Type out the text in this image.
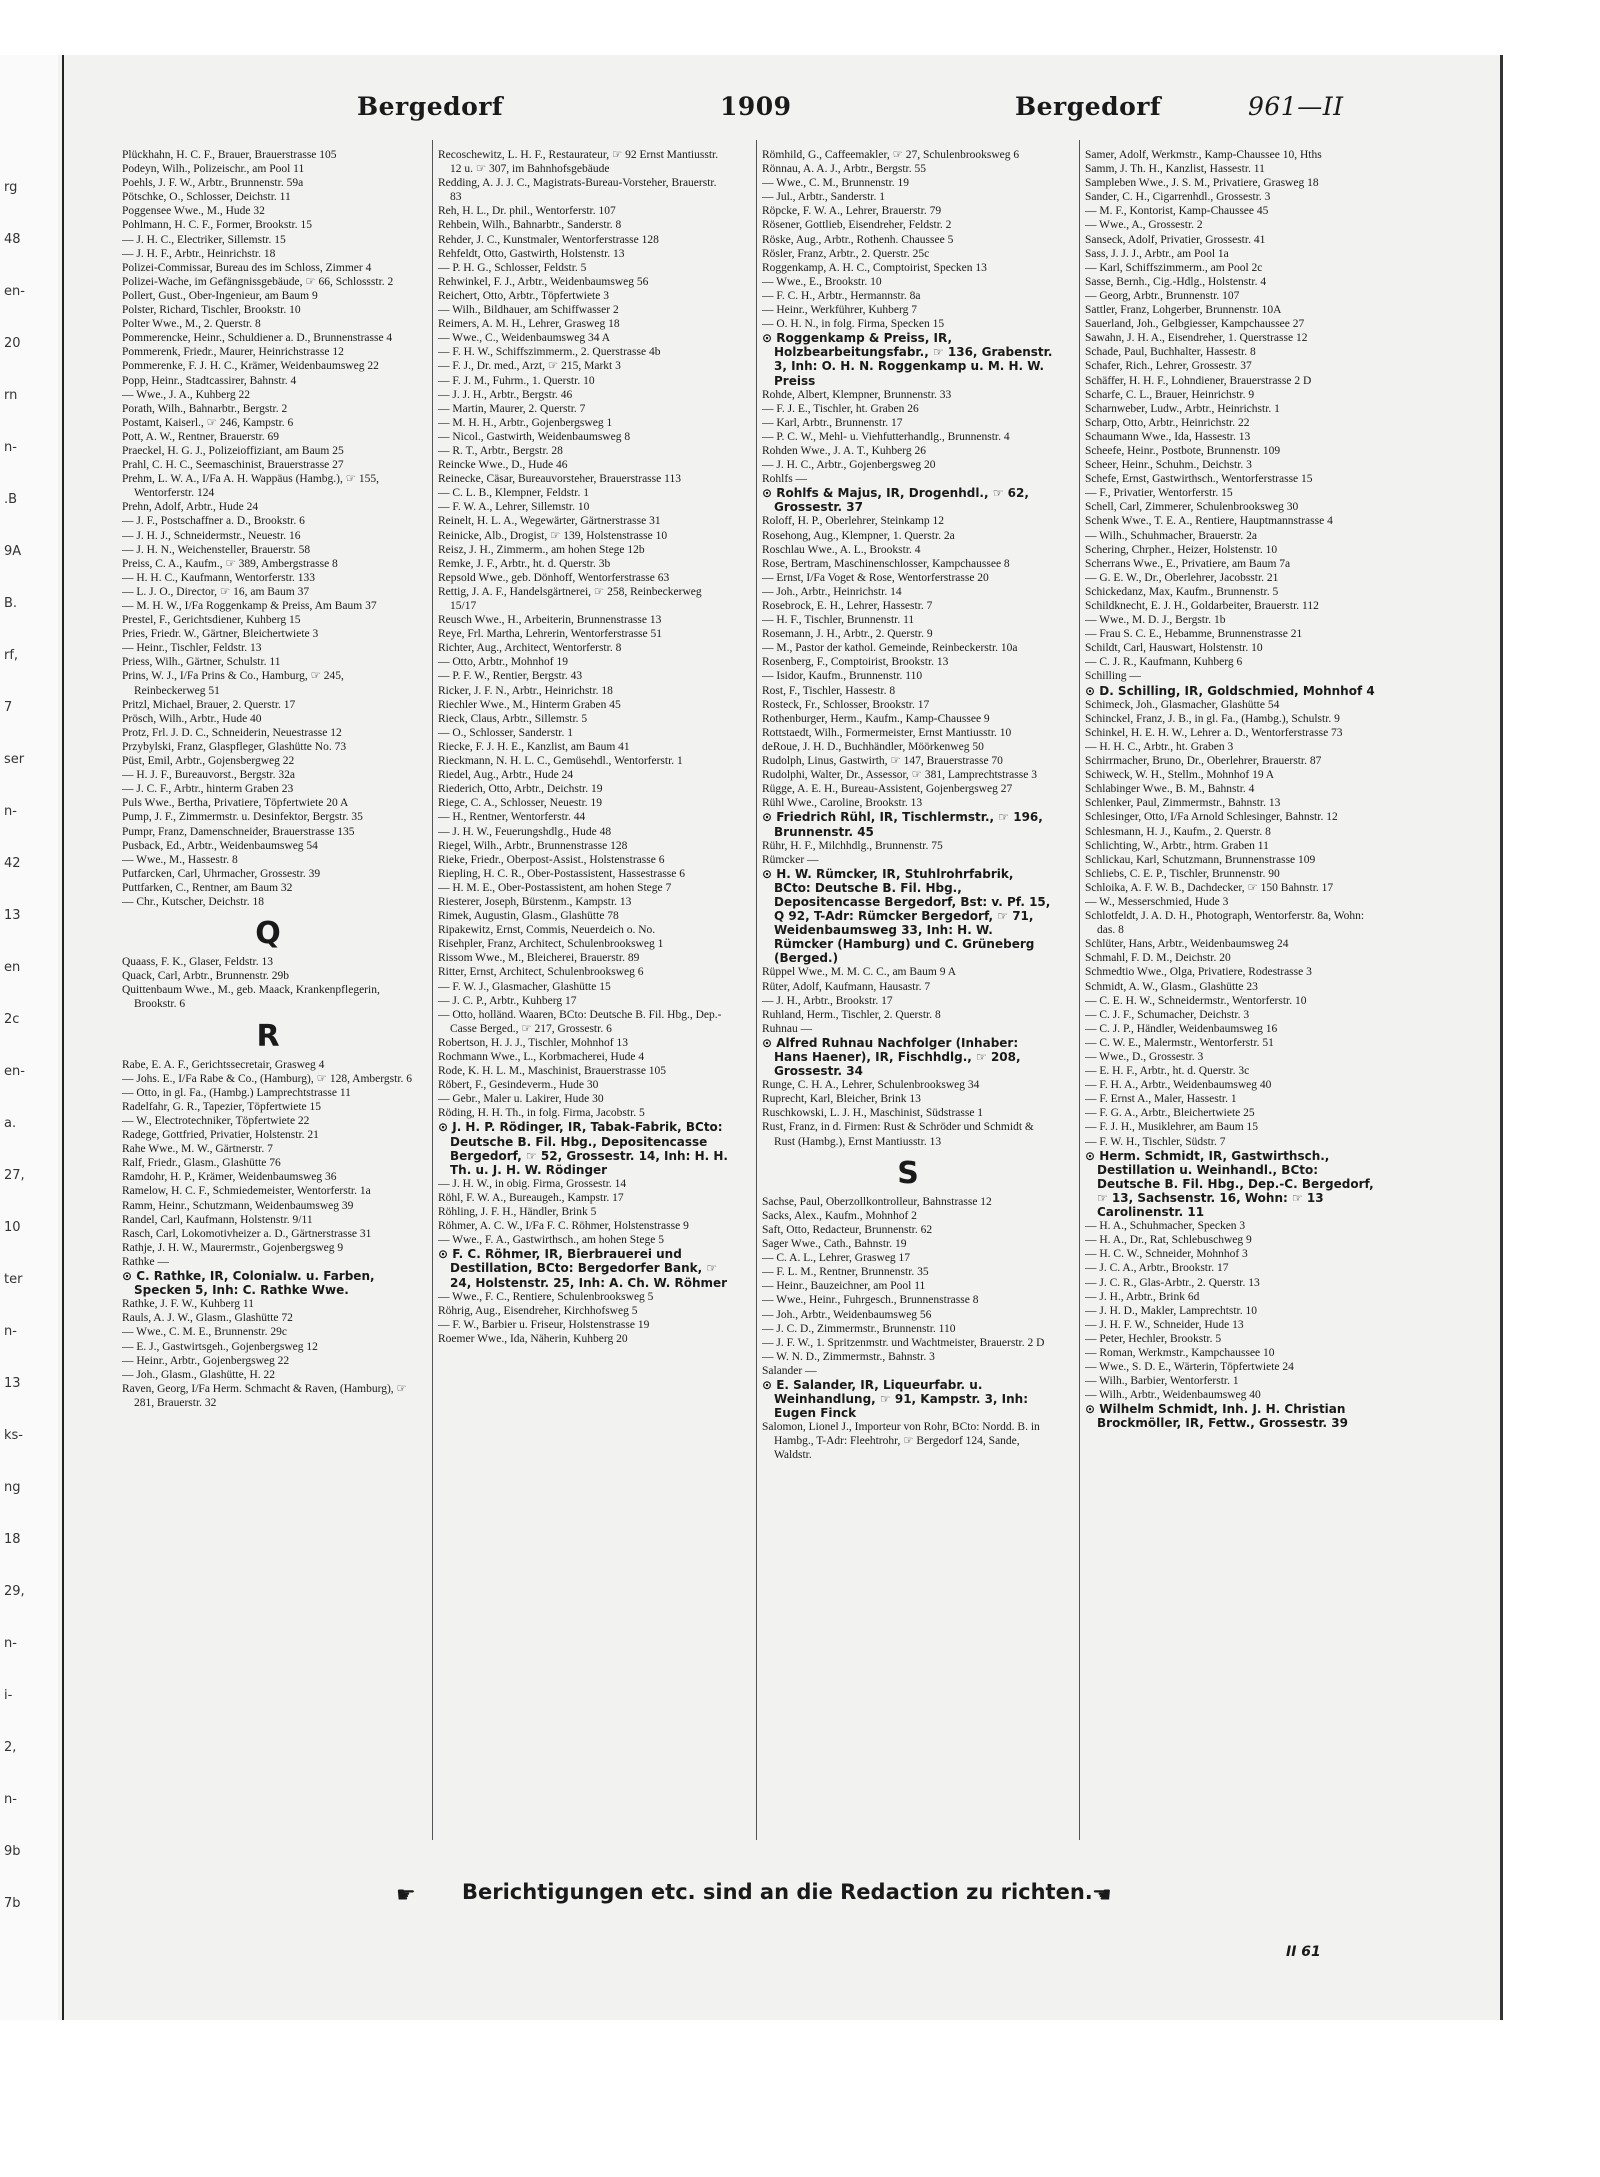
rg
48
en-
20
rn
n-
.B
9A
B.
rf,
7
ser
n-
42
13
en
2c
en-
a.
27,
10
ter
n-
13
ks-
ng
18
29,
n-
i-
2,
n-
9b
7b
Bergedorf	1909	Bergedorf	961—II

Plückhahn, H. C. F., Brauer, Brauerstrasse 105

Podeyn, Wilh., Polizeischr., am Pool 11

Poehls, J. F. W., Arbtr., Brunnenstr. 59a

Pötschke, O., Schlosser, Deichstr. 11

Poggensee Wwe., M., Hude 32

Pohlmann, H. C. F., Former, Brookstr. 15

— J. H. C., Electriker, Sillemstr. 15

— J. H. F., Arbtr., Heinrichstr. 18

Polizei-Commissar, Bureau des im Schloss, Zimmer 4

Polizei-Wache, im Gefängnissgebäude, ☞ 66, Schlossstr. 2

Pollert, Gust., Ober-Ingenieur, am Baum 9

Polster, Richard, Tischler, Brookstr. 10

Polter Wwe., M., 2. Querstr. 8

Pommerencke, Heinr., Schuldiener a. D., Brunnenstrasse 4

Pommerenk, Friedr., Maurer, Heinrichstrasse 12

Pommerenke, F. J. H. C., Krämer, Weidenbaumsweg 22

Popp, Heinr., Stadtcassirer, Bahnstr. 4

— Wwe., J. A., Kuhberg 22

Porath, Wilh., Bahnarbtr., Bergstr. 2

Postamt, Kaiserl., ☞ 246, Kampstr. 6

Pott, A. W., Rentner, Brauerstr. 69

Praeckel, H. G. J., Polizeioffiziant, am Baum 25

Prahl, C. H. C., Seemaschinist, Brauerstrasse 27

Prehm, L. W. A., I/Fa A. H. Wappäus (Hambg.), ☞ 155, Wentorferstr. 124

Prehn, Adolf, Arbtr., Hude 24

— J. F., Postschaffner a. D., Brookstr. 6

— J. H. J., Schneidermstr., Neuestr. 16

— J. H. N., Weichensteller, Brauerstr. 58

Preiss, C. A., Kaufm., ☞ 389, Ambergstrasse 8

— H. H. C., Kaufmann, Wentorferstr. 133

— L. J. O., Director, ☞ 16, am Baum 37

— M. H. W., I/Fa Roggenkamp & Preiss, Am Baum 37

Prestel, F., Gerichtsdiener, Kuhberg 15

Pries, Friedr. W., Gärtner, Bleichertwiete 3

— Heinr., Tischler, Feldstr. 13

Priess, Wilh., Gärtner, Schulstr. 11

Prins, W. J., I/Fa Prins & Co., Hamburg, ☞ 245, Reinbeckerweg 51

Pritzl, Michael, Brauer, 2. Querstr. 17

Prösch, Wilh., Arbtr., Hude 40

Protz, Frl. J. D. C., Schneiderin, Neuestrasse 12

Przybylski, Franz, Glaspfleger, Glashütte No. 73

Püst, Emil, Arbtr., Gojensbergweg 22

— H. J. F., Bureauvorst., Bergstr. 32a

— J. C. F., Arbtr., hinterm Graben 23

Puls Wwe., Bertha, Privatiere, Töpfertwiete 20 A

Pump, J. F., Zimmermstr. u. Desinfektor, Bergstr. 35

Pumpr, Franz, Damenschneider, Brauerstrasse 135

Pusback, Ed., Arbtr., Weidenbaumsweg 54

— Wwe., M., Hassestr. 8

Putfarcken, Carl, Uhrmacher, Grossestr. 39

Puttfarken, C., Rentner, am Baum 32

— Chr., Kutscher, Deichstr. 18

Q

Quaass, F. K., Glaser, Feldstr. 13

Quack, Carl, Arbtr., Brunnenstr. 29b

Quittenbaum Wwe., M., geb. Maack, Krankenpflegerin, Brookstr. 6

R

Rabe, E. A. F., Gerichtssecretair, Grasweg 4

— Johs. E., I/Fa Rabe & Co., (Hamburg), ☞ 128, Ambergstr. 6

— Otto, in gl. Fa., (Hambg.) Lamprechtstrasse 11

Radelfahr, G. R., Tapezier, Töpfertwiete 15

— W., Electrotechniker, Töpfertwiete 22

Radege, Gottfried, Privatier, Holstenstr. 21

Rahe Wwe., M. W., Gärtnerstr. 7

Ralf, Friedr., Glasm., Glashütte 76

Ramdohr, H. P., Krämer, Weidenbaumsweg 36

Ramelow, H. C. F., Schmiedemeister, Wentorferstr. 1a

Ramm, Heinr., Schutzmann, Weidenbaumsweg 39

Randel, Carl, Kaufmann, Holstenstr. 9/11

Rasch, Carl, Lokomotivheizer a. D., Gärtnerstrasse 31

Rathje, J. H. W., Maurermstr., Gojenbergsweg 9

Rathke —

⊙ C. Rathke, IR, Colonialw. u. Farben, Specken 5, Inh: C. Rathke Wwe.

Rathke, J. F. W., Kuhberg 11

Rauls, A. J. W., Glasm., Glashütte 72

— Wwe., C. M. E., Brunnenstr. 29c

— E. J., Gastwirtsgeh., Gojenbergsweg 12

— Heinr., Arbtr., Gojenbergsweg 22

— Joh., Glasm., Glashütte, H. 22

Raven, Georg, I/Fa Herm. Schmacht & Raven, (Hamburg), ☞ 281, Brauerstr. 32

Recoschewitz, L. H. F., Restaurateur, ☞ 92 Ernst Mantiusstr. 12 u. ☞ 307, im Bahnhofsgebäude

Redding, A. J. J. C., Magistrats-Bureau-Vorsteher, Brauerstr. 83

Reh, H. L., Dr. phil., Wentorferstr. 107

Rehbein, Wilh., Bahnarbtr., Sanderstr. 8

Rehder, J. C., Kunstmaler, Wentorferstrasse 128

Rehfeldt, Otto, Gastwirth, Holstenstr. 13

— P. H. G., Schlosser, Feldstr. 5

Rehwinkel, F. J., Arbtr., Weidenbaumsweg 56

Reichert, Otto, Arbtr., Töpfertwiete 3

— Wilh., Bildhauer, am Schiffwasser 2

Reimers, A. M. H., Lehrer, Grasweg 18

— Wwe., C., Weidenbaumsweg 34 A

— F. H. W., Schiffszimmerm., 2. Querstrasse 4b

— F. J., Dr. med., Arzt, ☞ 215, Markt 3

— F. J. M., Fuhrm., 1. Querstr. 10

— J. J. H., Arbtr., Bergstr. 46

— Martin, Maurer, 2. Querstr. 7

— M. H. H., Arbtr., Gojenbergsweg 1

— Nicol., Gastwirth, Weidenbaumsweg 8

— R. T., Arbtr., Bergstr. 28

Reincke Wwe., D., Hude 46

Reinecke, Cäsar, Bureauvorsteher, Brauerstrasse 113

— C. L. B., Klempner, Feldstr. 1

— F. W. A., Lehrer, Sillemstr. 10

Reinelt, H. L. A., Wegewärter, Gärtnerstrasse 31

Reinicke, Alb., Drogist, ☞ 139, Holstenstrasse 10

Reisz, J. H., Zimmerm., am hohen Stege 12b

Remke, J. F., Arbtr., ht. d. Querstr. 3b

Repsold Wwe., geb. Dönhoff, Wentorferstrasse 63

Rettig, J. A. F., Handelsgärtnerei, ☞ 258, Reinbeckerweg 15/17

Reusch Wwe., H., Arbeiterin, Brunnenstrasse 13

Reye, Frl. Martha, Lehrerin, Wentorferstrasse 51

Richter, Aug., Architect, Wentorferstr. 8

— Otto, Arbtr., Mohnhof 19

— P. F. W., Rentier, Bergstr. 43

Ricker, J. F. N., Arbtr., Heinrichstr. 18

Riechler Wwe., M., Hinterm Graben 45

Rieck, Claus, Arbtr., Sillemstr. 5

— O., Schlosser, Sanderstr. 1

Riecke, F. J. H. E., Kanzlist, am Baum 41

Rieckmann, N. H. L. C., Gemüsehdl., Wentorferstr. 1

Riedel, Aug., Arbtr., Hude 24

Riederich, Otto, Arbtr., Deichstr. 19

Riege, C. A., Schlosser, Neuestr. 19

— H., Rentner, Wentorferstr. 44

— J. H. W., Feuerungshdlg., Hude 48

Riegel, Wilh., Arbtr., Brunnenstrasse 128

Rieke, Friedr., Oberpost-Assist., Holstenstrasse 6

Riepling, H. C. R., Ober-Postassistent, Hassestrasse 6

— H. M. E., Ober-Postassistent, am hohen Stege 7

Riesterer, Joseph, Bürstenm., Kampstr. 13

Rimek, Augustin, Glasm., Glashütte 78

Ripakewitz, Ernst, Commis, Neuerdeich o. No.

Risehpler, Franz, Architect, Schulenbrooksweg 1

Rissom Wwe., M., Bleicherei, Brauerstr. 89

Ritter, Ernst, Architect, Schulenbrooksweg 6

— F. W. J., Glasmacher, Glashütte 15

— J. C. P., Arbtr., Kuhberg 17

— Otto, holländ. Waaren, BCto: Deutsche B. Fil. Hbg., Dep.-Casse Berged., ☞ 217, Grossestr. 6

Robertson, H. J. J., Tischler, Mohnhof 13

Rochmann Wwe., L., Korbmacherei, Hude 4

Rode, K. H. L. M., Maschinist, Brauerstrasse 105

Röbert, F., Gesindeverm., Hude 30

— Gebr., Maler u. Lakirer, Hude 30

Röding, H. H. Th., in folg. Firma, Jacobstr. 5

⊙ J. H. P. Rödinger, IR, Tabak-Fabrik, BCto: Deutsche B. Fil. Hbg., Depositencasse Bergedorf, ☞ 52, Grossestr. 14, Inh: H. H. Th. u. J. H. W. Rödinger

— J. H. W., in obig. Firma, Grossestr. 14

Röhl, F. W. A., Bureaugeh., Kampstr. 17

Röhling, J. F. H., Händler, Brink 5

Röhmer, A. C. W., I/Fa F. C. Röhmer, Holstenstrasse 9

— Wwe., F. A., Gastwirthsch., am hohen Stege 5

⊙ F. C. Röhmer, IR, Bierbrauerei und Destillation, BCto: Bergedorfer Bank, ☞ 24, Holstenstr. 25, Inh: A. Ch. W. Röhmer

— Wwe., F. C., Rentiere, Schulenbrooksweg 5

Röhrig, Aug., Eisendreher, Kirchhofsweg 5

— F. W., Barbier u. Friseur, Holstenstrasse 19

Roemer Wwe., Ida, Näherin, Kuhberg 20

Römhild, G., Caffeemakler, ☞ 27, Schulenbrooksweg 6

Rönnau, A. A. J., Arbtr., Bergstr. 55

— Wwe., C. M., Brunnenstr. 19

— Jul., Arbtr., Sanderstr. 1

Röpcke, F. W. A., Lehrer, Brauerstr. 79

Rösener, Gottlieb, Eisendreher, Feldstr. 2

Röske, Aug., Arbtr., Rothenh. Chaussee 5

Rösler, Franz, Arbtr., 2. Querstr. 25c

Roggenkamp, A. H. C., Comptoirist, Specken 13

— Wwe., E., Brookstr. 10

— F. C. H., Arbtr., Hermannstr. 8a

— Heinr., Werkführer, Kuhberg 7

— O. H. N., in folg. Firma, Specken 15

⊙ Roggenkamp & Preiss, IR, Holzbearbeitungsfabr., ☞ 136, Grabenstr. 3, Inh: O. H. N. Roggenkamp u. M. H. W. Preiss

Rohde, Albert, Klempner, Brunnenstr. 33

— F. J. E., Tischler, ht. Graben 26

— Karl, Arbtr., Brunnenstr. 17

— P. C. W., Mehl- u. Viehfutterhandlg., Brunnenstr. 4

Rohden Wwe., J. A. T., Kuhberg 26

— J. H. C., Arbtr., Gojenbergsweg 20

Rohlfs —

⊙ Rohlfs & Majus, IR, Drogenhdl., ☞ 62, Grossestr. 37

Roloff, H. P., Oberlehrer, Steinkamp 12

Rosehong, Aug., Klempner, 1. Querstr. 2a

Roschlau Wwe., A. L., Brookstr. 4

Rose, Bertram, Maschinenschlosser, Kampchaussee 8

— Ernst, I/Fa Voget & Rose, Wentorferstrasse 20

— Joh., Arbtr., Heinrichstr. 14

Rosebrock, E. H., Lehrer, Hassestr. 7

— H. F., Tischler, Brunnenstr. 11

Rosemann, J. H., Arbtr., 2. Querstr. 9

— M., Pastor der kathol. Gemeinde, Reinbeckerstr. 10a

Rosenberg, F., Comptoirist, Brookstr. 13

— Isidor, Kaufm., Brunnenstr. 110

Rost, F., Tischler, Hassestr. 8

Rosteck, Fr., Schlosser, Brookstr. 17

Rothenburger, Herm., Kaufm., Kamp-Chaussee 9

Rottstaedt, Wilh., Formermeister, Ernst Mantiusstr. 10

deRoue, J. H. D., Buchhändler, Möörkenweg 50

Rudolph, Linus, Gastwirth, ☞ 147, Brauerstrasse 70

Rudolphi, Walter, Dr., Assessor, ☞ 381, Lamprechtstrasse 3

Rügge, A. E. H., Bureau-Assistent, Gojenbergsweg 27

Rühl Wwe., Caroline, Brookstr. 13

⊙ Friedrich Rühl, IR, Tischlermstr., ☞ 196, Brunnenstr. 45

Rühr, H. F., Milchhdlg., Brunnenstr. 75

Rümcker —

⊙ H. W. Rümcker, IR, Stuhlrohrfabrik, BCto: Deutsche B. Fil. Hbg., Depositencasse Bergedorf, Bst: v. Pf. 15, Q 92, T-Adr: Rümcker Bergedorf, ☞ 71, Weidenbaumsweg 33, Inh: H. W. Rümcker (Hamburg) und C. Grüneberg (Berged.)

Rüppel Wwe., M. M. C. C., am Baum 9 A

Rüter, Adolf, Kaufmann, Hausastr. 7

— J. H., Arbtr., Brookstr. 17

Ruhland, Herm., Tischler, 2. Querstr. 8

Ruhnau —

⊙ Alfred Ruhnau Nachfolger (Inhaber: Hans Haener), IR, Fischhdlg., ☞ 208, Grossestr. 34

Runge, C. H. A., Lehrer, Schulenbrooksweg 34

Ruprecht, Karl, Bleicher, Brink 13

Ruschkowski, L. J. H., Maschinist, Südstrasse 1

Rust, Franz, in d. Firmen: Rust & Schröder und Schmidt & Rust (Hambg.), Ernst Mantiusstr. 13

S

Sachse, Paul, Oberzollkontrolleur, Bahnstrasse 12

Sacks, Alex., Kaufm., Mohnhof 2

Saft, Otto, Redacteur, Brunnenstr. 62

Sager Wwe., Cath., Bahnstr. 19

— C. A. L., Lehrer, Grasweg 17

— F. L. M., Rentner, Brunnenstr. 35

— Heinr., Bauzeichner, am Pool 11

— Wwe., Heinr., Fuhrgesch., Brunnenstrasse 8

— Joh., Arbtr., Weidenbaumsweg 56

— J. C. D., Zimmermstr., Brunnenstr. 110

— J. F. W., 1. Spritzenmstr. und Wachtmeister, Brauerstr. 2 D

— W. N. D., Zimmermstr., Bahnstr. 3

Salander —

⊙ E. Salander, IR, Liqueurfabr. u. Weinhandlung, ☞ 91, Kampstr. 3, Inh: Eugen Finck

Salomon, Lionel J., Importeur von Rohr, BCto: Nordd. B. in Hambg., T-Adr: Fleehtrohr, ☞ Bergedorf 124, Sande, Waldstr.

Samer, Adolf, Werkmstr., Kamp-Chaussee 10, Hths

Samm, J. Th. H., Kanzlist, Hassestr. 11

Sampleben Wwe., J. S. M., Privatiere, Grasweg 18

Sander, C. H., Cigarrenhdl., Grossestr. 3

— M. F., Kontorist, Kamp-Chaussee 45

— Wwe., A., Grossestr. 2

Sanseck, Adolf, Privatier, Grossestr. 41

Sass, J. J. J., Arbtr., am Pool 1a

— Karl, Schiffszimmerm., am Pool 2c

Sasse, Bernh., Cig.-Hdlg., Holstenstr. 4

— Georg, Arbtr., Brunnenstr. 107

Sattler, Franz, Lohgerber, Brunnenstr. 10A

Sauerland, Joh., Gelbgiesser, Kampchaussee 27

Sawahn, J. H. A., Eisendreher, 1. Querstrasse 12

Schade, Paul, Buchhalter, Hassestr. 8

Schafer, Rich., Lehrer, Grossestr. 37

Schäffer, H. H. F., Lohndiener, Brauerstrasse 2 D

Scharfe, C. L., Brauer, Heinrichstr. 9

Scharnweber, Ludw., Arbtr., Heinrichstr. 1

Scharp, Otto, Arbtr., Heinrichstr. 22

Schaumann Wwe., Ida, Hassestr. 13

Scheefe, Heinr., Postbote, Brunnenstr. 109

Scheer, Heinr., Schuhm., Deichstr. 3

Schefe, Ernst, Gastwirthsch., Wentorferstrasse 15

— F., Privatier, Wentorferstr. 15

Schell, Carl, Zimmerer, Schulenbrooksweg 30

Schenk Wwe., T. E. A., Rentiere, Hauptmannstrasse 4

— Wilh., Schuhmacher, Brauerstr. 2a

Schering, Chrpher., Heizer, Holstenstr. 10

Scherrans Wwe., E., Privatiere, am Baum 7a

— G. E. W., Dr., Oberlehrer, Jacobsstr. 21

Schickedanz, Max, Kaufm., Brunnenstr. 5

Schildknecht, E. J. H., Goldarbeiter, Brauerstr. 112

— Wwe., M. D. J., Bergstr. 1b

— Frau S. C. E., Hebamme, Brunnenstrasse 21

Schildt, Carl, Hauswart, Holstenstr. 10

— C. J. R., Kaufmann, Kuhberg 6

Schilling —

⊙ D. Schilling, IR, Goldschmied, Mohnhof 4

Schimeck, Joh., Glasmacher, Glashütte 54

Schinckel, Franz, J. B., in gl. Fa., (Hambg.), Schulstr. 9

Schinkel, H. E. H. W., Lehrer a. D., Wentorferstrasse 73

— H. H. C., Arbtr., ht. Graben 3

Schirrmacher, Bruno, Dr., Oberlehrer, Brauerstr. 87

Schiweck, W. H., Stellm., Mohnhof 19 A

Schlabinger Wwe., B. M., Bahnstr. 4

Schlenker, Paul, Zimmermstr., Bahnstr. 13

Schlesinger, Otto, I/Fa Arnold Schlesinger, Bahnstr. 12

Schlesmann, H. J., Kaufm., 2. Querstr. 8

Schlichting, W., Arbtr., htrm. Graben 11

Schlickau, Karl, Schutzmann, Brunnenstrasse 109

Schliebs, C. E. P., Tischler, Brunnenstr. 90

Schloika, A. F. W. B., Dachdecker, ☞ 150 Bahnstr. 17

— W., Messerschmied, Hude 3

Schlotfeldt, J. A. D. H., Photograph, Wentorferstr. 8a, Wohn: das. 8

Schlüter, Hans, Arbtr., Weidenbaumsweg 24

Schmahl, F. D. M., Deichstr. 20

Schmedtio Wwe., Olga, Privatiere, Rodestrasse 3

Schmidt, A. W., Glasm., Glashütte 23

— C. E. H. W., Schneidermstr., Wentorferstr. 10

— C. J. F., Schumacher, Deichstr. 3

— C. J. P., Händler, Weidenbaumsweg 16

— C. W. E., Malermstr., Wentorferstr. 51

— Wwe., D., Grossestr. 3

— E. H. F., Arbtr., ht. d. Querstr. 3c

— F. H. A., Arbtr., Weidenbaumsweg 40

— F. Ernst A., Maler, Hassestr. 1

— F. G. A., Arbtr., Bleichertwiete 25

— F. J. H., Musiklehrer, am Baum 15

— F. W. H., Tischler, Südstr. 7

⊙ Herm. Schmidt, IR, Gastwirthsch., Destillation u. Weinhandl., BCto: Deutsche B. Fil. Hbg., Dep.-C. Bergedorf, ☞ 13, Sachsenstr. 16, Wohn: ☞ 13 Carolinenstr. 11

— H. A., Schuhmacher, Specken 3

— H. A., Dr., Rat, Schlebuschweg 9

— H. C. W., Schneider, Mohnhof 3

— J. C. A., Arbtr., Brookstr. 17

— J. C. R., Glas-Arbtr., 2. Querstr. 13

— J. H., Arbtr., Brink 6d

— J. H. D., Makler, Lamprechtstr. 10

— J. H. F. W., Schneider, Hude 13

— Peter, Hechler, Brookstr. 5

— Roman, Werkmstr., Kampchaussee 10

— Wwe., S. D. E., Wärterin, Töpfertwiete 24

— Wilh., Barbier, Wentorferstr. 1

— Wilh., Arbtr., Weidenbaumsweg 40

⊙ Wilhelm Schmidt, Inh. J. H. Christian Brockmöller, IR, Fettw., Grossestr. 39

☛ Berichtigungen etc. sind an die Redaction zu richten. ☚
II 61
